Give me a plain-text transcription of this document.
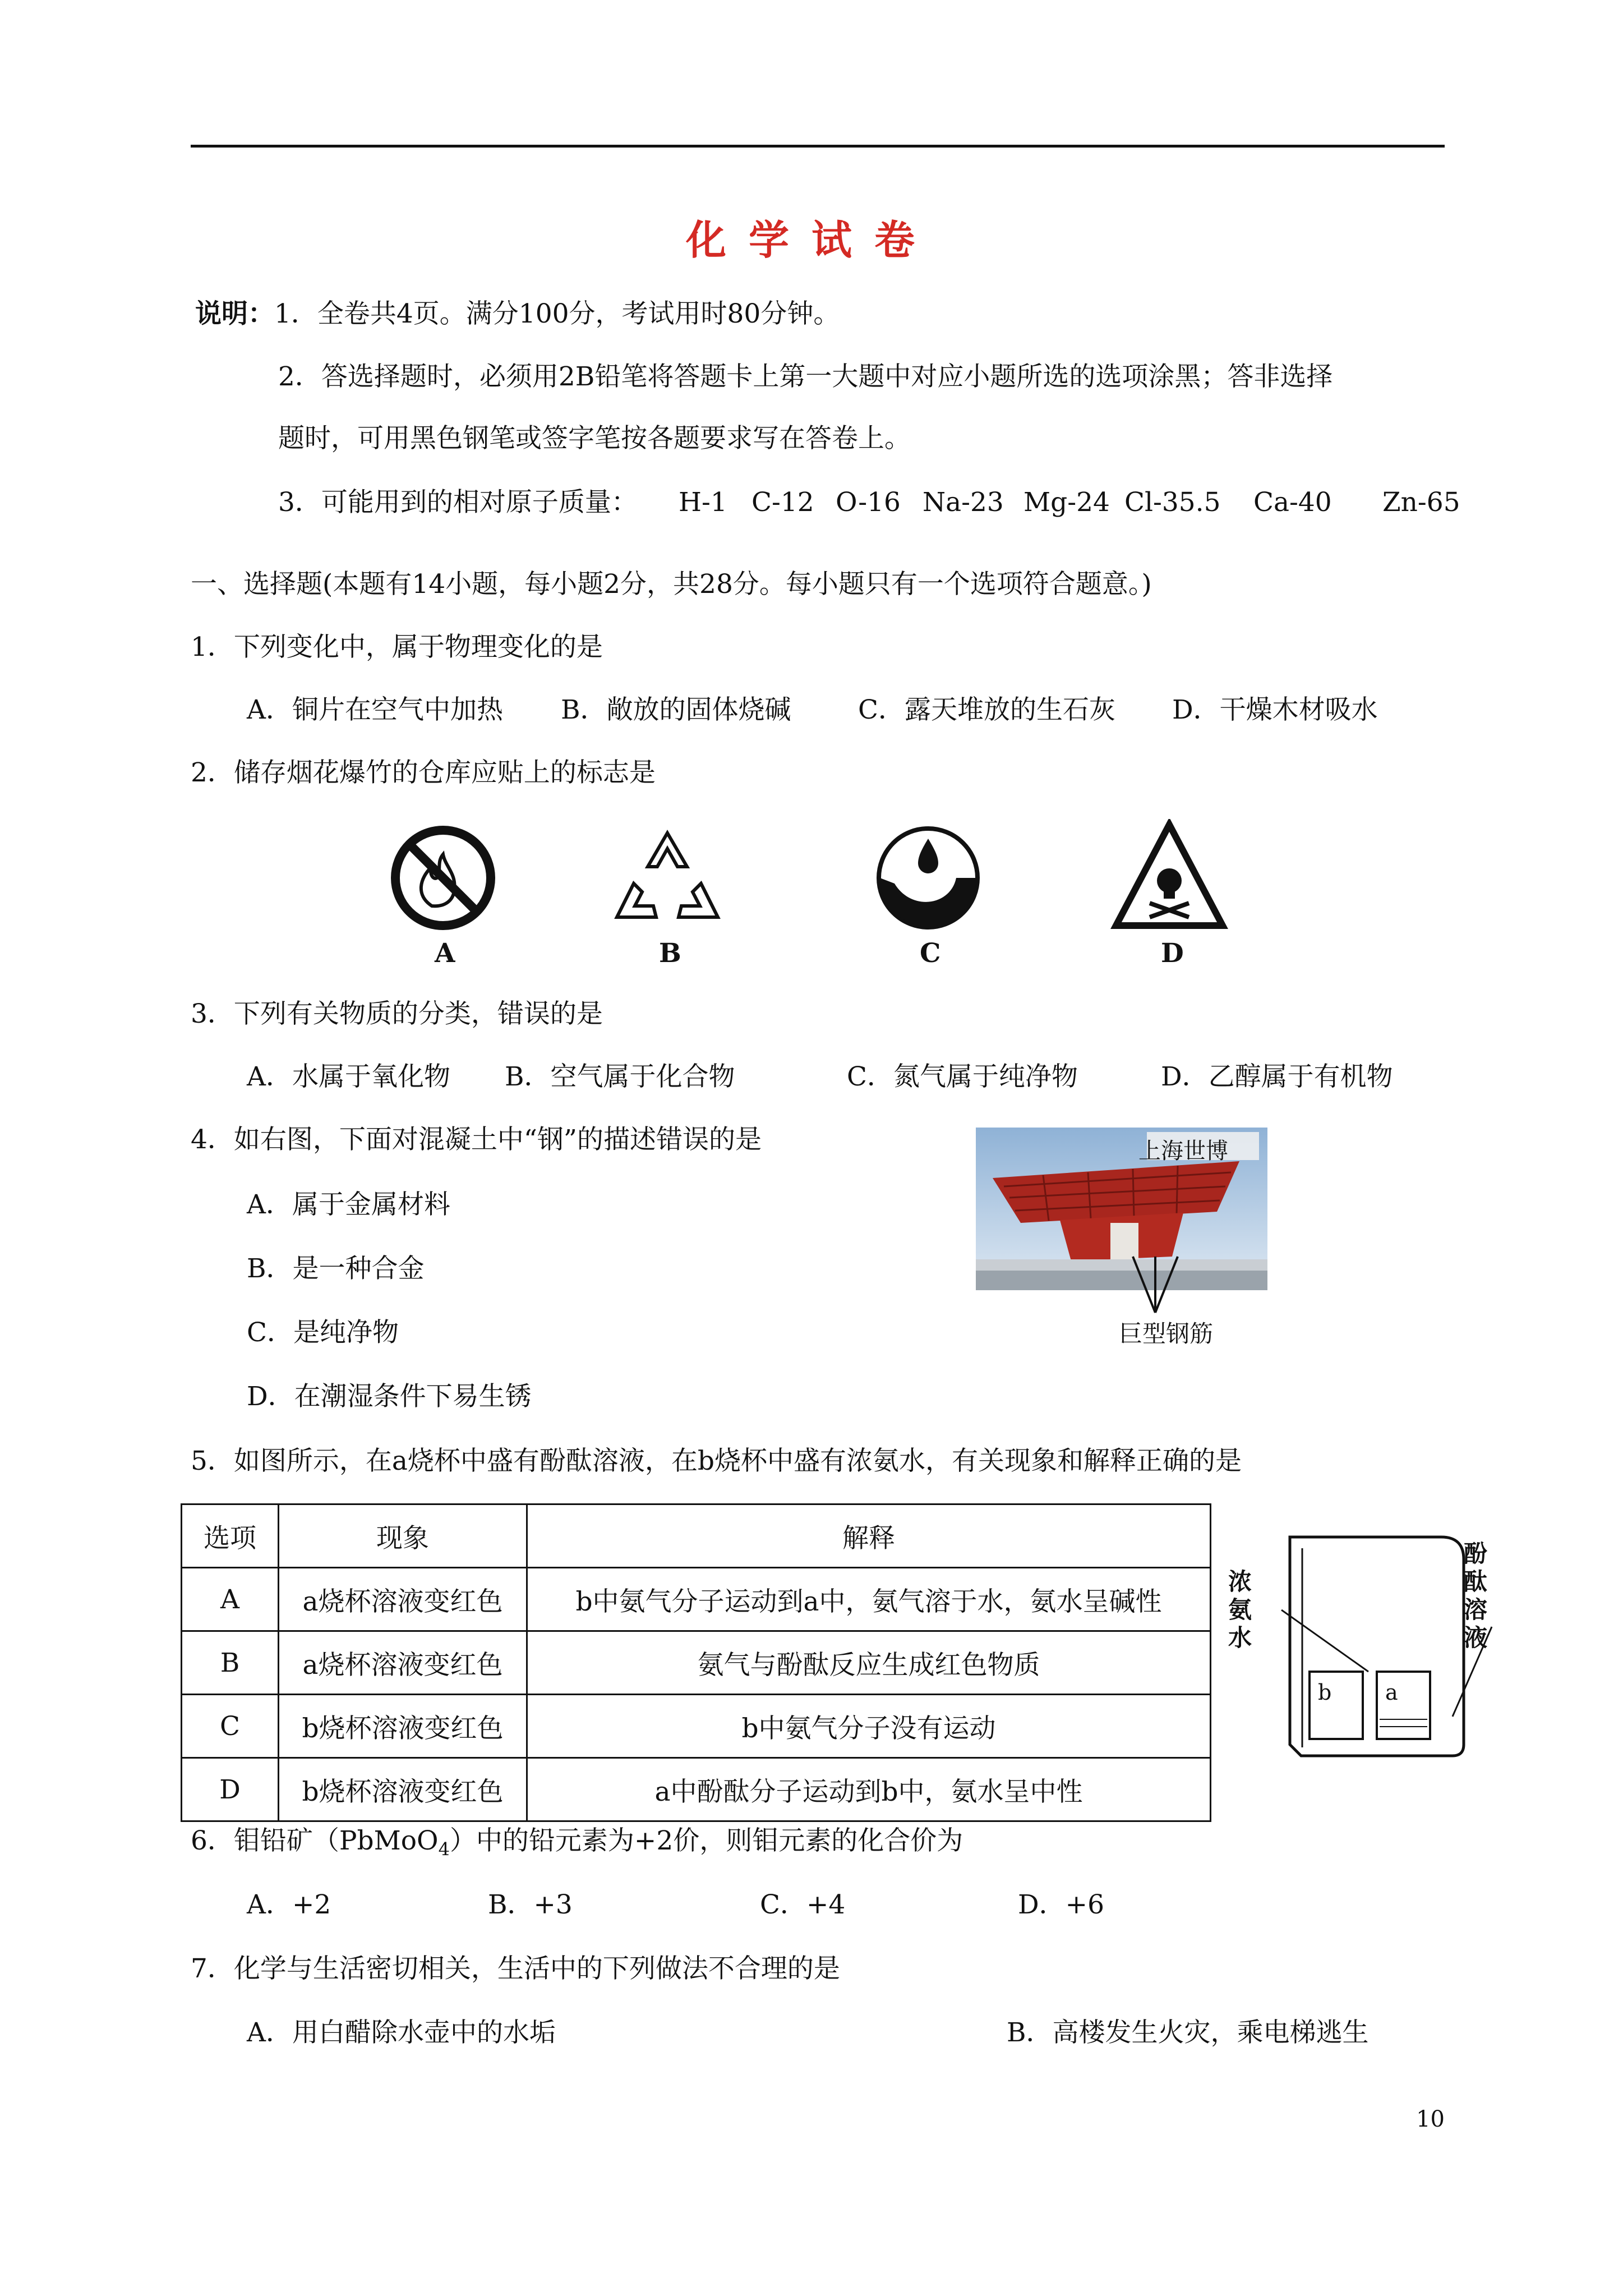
化学试卷
说明：1．全卷共4页。满分100分，考试用时80分钟。
2．答选择题时，必须用2B铅笔将答题卡上第一大题中对应小题所选的选项涂黑；答非选择
题时，可用黑色钢笔或签字笔按各题要求写在答卷上。
3．可能用到的相对原子质量： H-1 C-12 O-16 Na-23 Mg-24 Cl-35.5 Ca-40 Zn-65
一、选择题(本题有14小题，每小题2分，共28分。每小题只有一个选项符合题意。)
1．下列变化中，属于物理变化的是
A．铜片在空气中加热 B．敞放的固体烧碱	C．露天堆放的生石灰 D．干燥木材吸水
2．储存烟花爆竹的仓库应贴上的标志是
A	B	C	D
3．下列有关物质的分类，错误的是
A．水属于氧化物 B．空气属于化合物	C．氮气属于纯净物	D．乙醇属于有机物
4．如右图，下面对混凝土中“钢”的描述错误的是
A．属于金属材料
B．是一种合金
C．是纯净物
D．在潮湿条件下易生锈
上海世博
巨型钢筋
5．如图所示，在a烧杯中盛有酚酞溶液，在b烧杯中盛有浓氨水，有关现象和解释正确的是
选项	现象	解释
A	a烧杯溶液变红色	b中氨气分子运动到a中，氨气溶于水，氨水呈碱性
B	a烧杯溶液变红色	氨气与酚酞反应生成红色物质
C	b烧杯溶液变红色	b中氨气分子没有运动
D	b烧杯溶液变红色	a中酚酞分子运动到b中，氨水呈中性
浓氨水
酚酞溶液
b	a
6．钼铅矿（PbMoO$_4$）中的铅元素为+2价，则钼元素的化合价为
A．+2	B．+3	C．+4	D．+6
7．化学与生活密切相关，生活中的下列做法不合理的是
A．用白醋除水壶中的水垢	B．高楼发生火灾，乘电梯逃生
10
